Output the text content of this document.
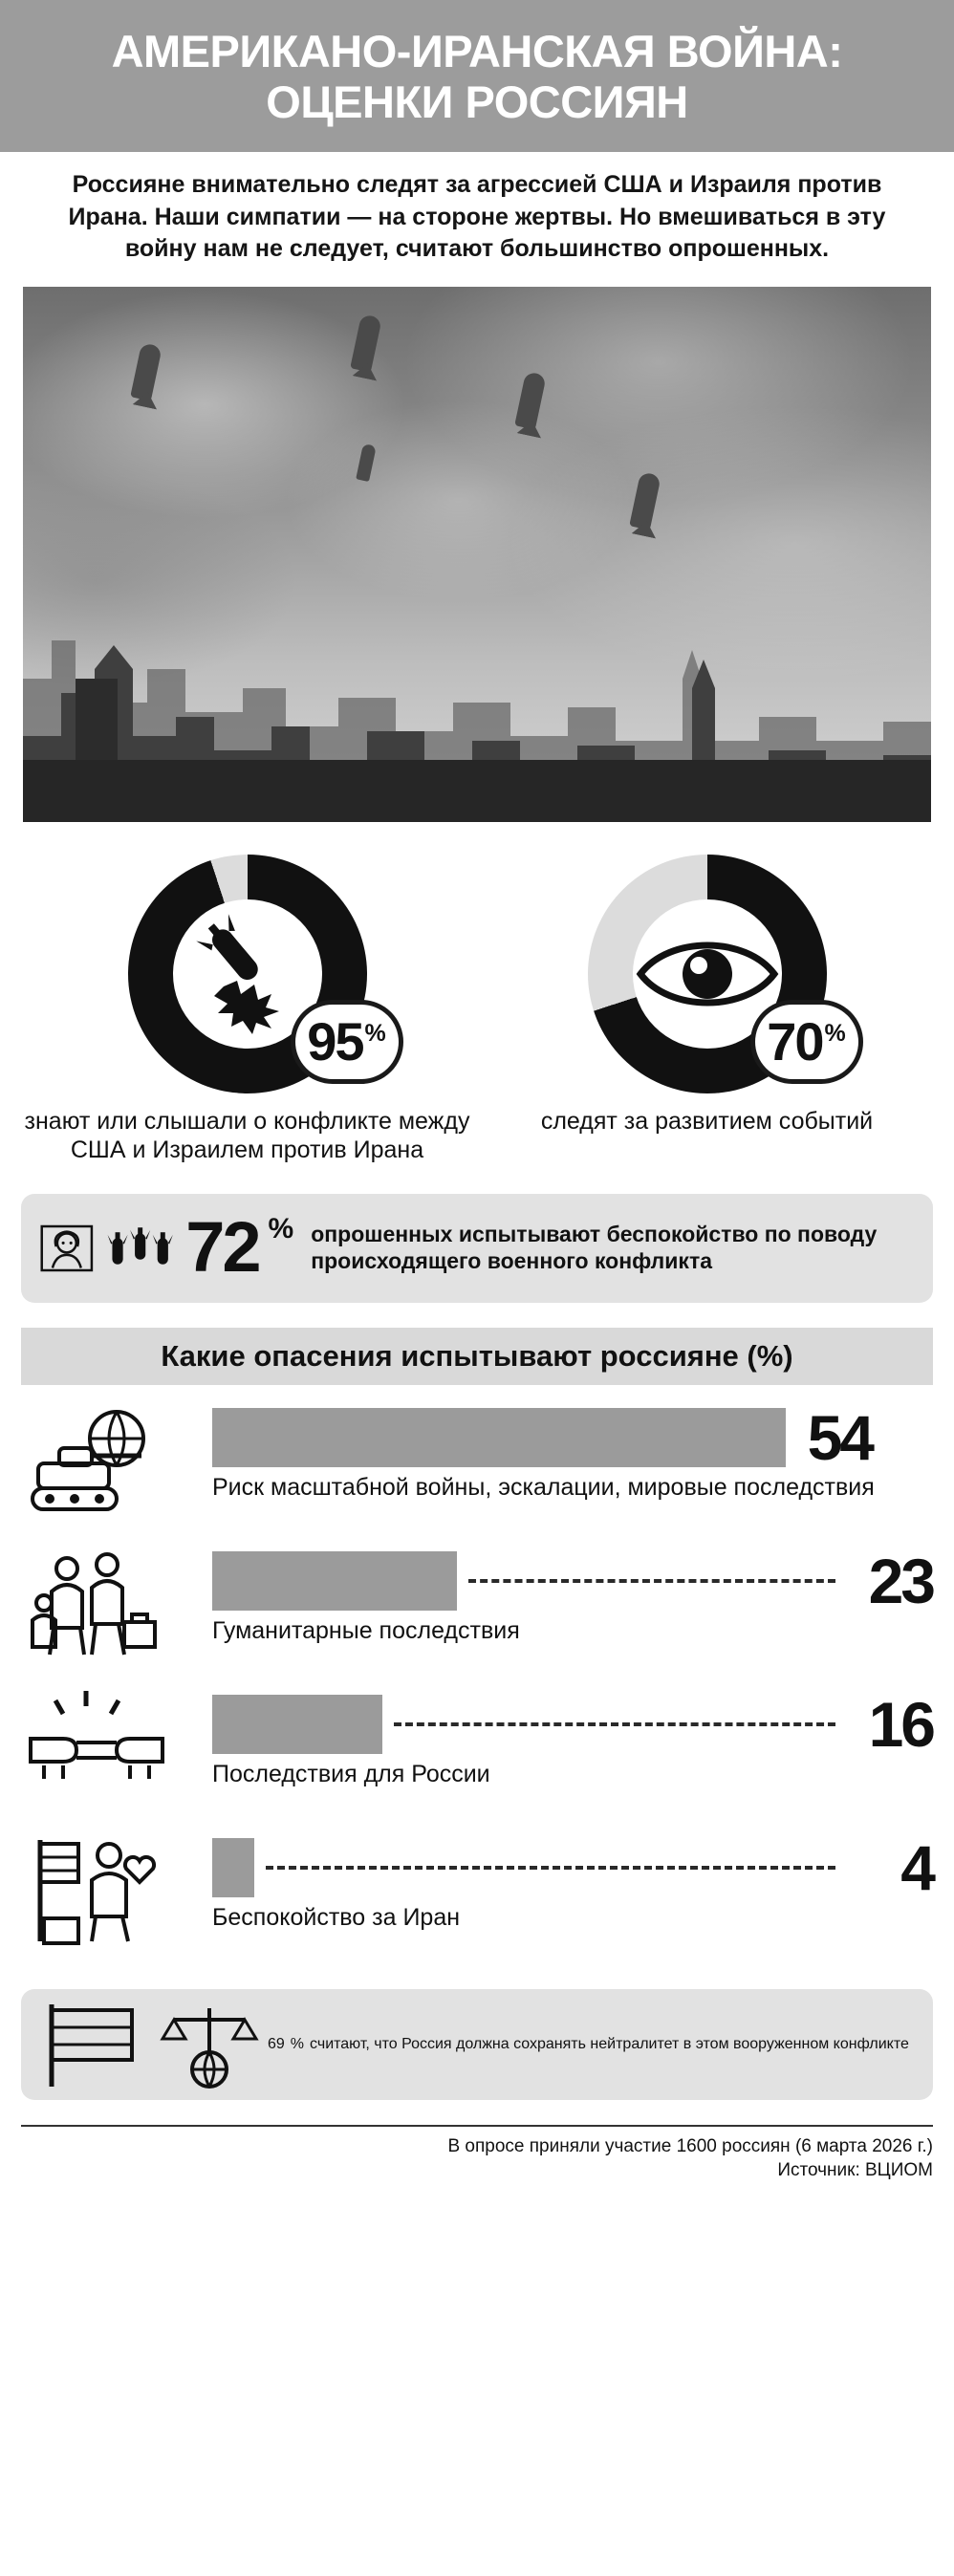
АМЕРИКАНО-ИРАНСКАЯ ВОЙНА: ОЦЕНКИ РОССИЯН
Россияне внимательно следят за агрессией США и Израиля против Ирана. Наши симпатии — на стороне жертвы. Но вмешиваться в эту войну нам не следует, считают большинство опрошенных.
95 %
знают или слышали о конфликте между США и Израилем против Ирана
70 %
следят за развитием событий
72 % опрошенных испытывают беспокойство по поводу происходящего военного конфликта
Какие опасения испытывают россияне (%)
54
Риск масштабной войны, эскалации, мировые последствия
23
Гуманитарные последствия
16
Последствия для России
4
Беспокойство за Иран
69 % считают, что Россия должна сохранять нейтралитет в этом вооруженном конфликте
В опросе приняли участие 1600 россиян (6 марта 2026 г.)
Источник: ВЦИОМ
